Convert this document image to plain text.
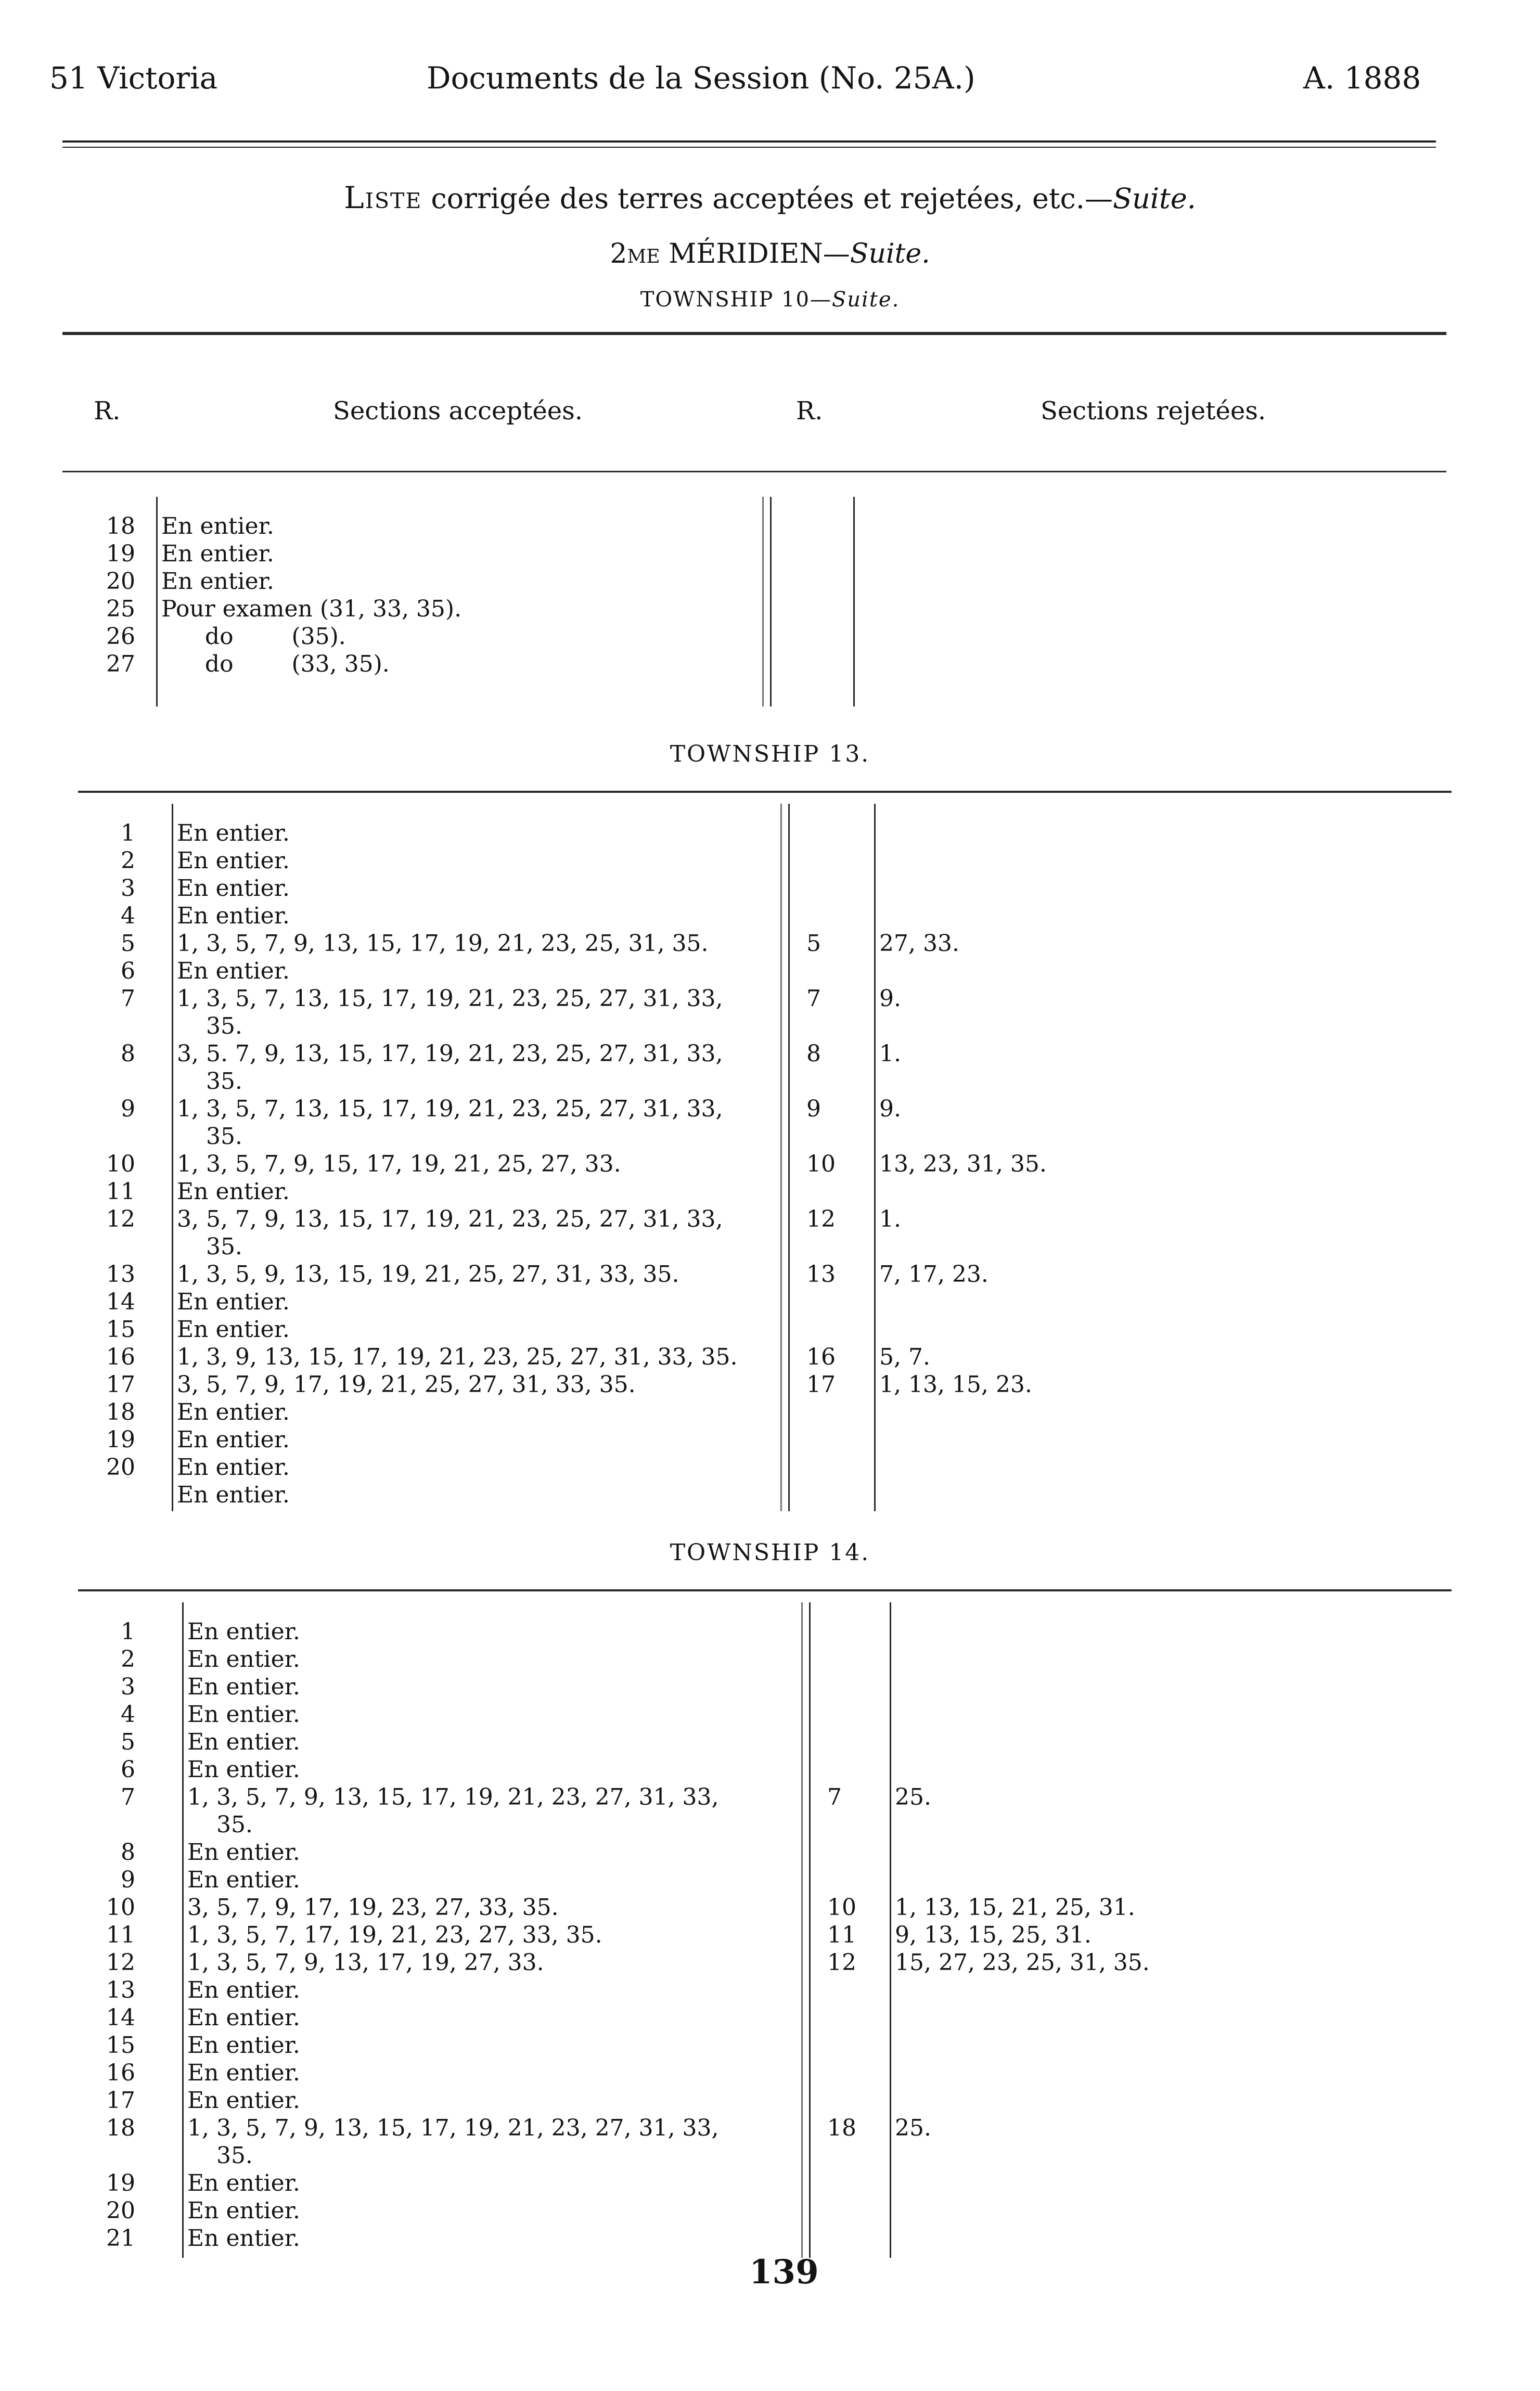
51 Victoria	Documents de la Session (No. 25A.)	A. 1888
Liste corrigée des terres acceptées et rejetées, etc.—Suite.
2me MÉRIDIEN—Suite.
TOWNSHIP 10—Suite.
R.	Sections acceptées.	R.	Sections rejetées.
18 En entier.
19 En entier.
20 En entier.
25 Pour examen (31, 33, 35).
26 do        (35).
27 do        (33, 35).
TOWNSHIP 13.
1 En entier.
2 En entier.
3 En entier.
4 En entier.
5 1, 3, 5, 7, 9, 13, 15, 17, 19, 21, 23, 25, 31, 35.	5	27, 33.
6 En entier.
7 1, 3, 5, 7, 13, 15, 17, 19, 21, 23, 25, 27, 31, 33,	7	9.
35.
8 3, 5. 7, 9, 13, 15, 17, 19, 21, 23, 25, 27, 31, 33,	8	1.
35.
9 1, 3, 5, 7, 13, 15, 17, 19, 21, 23, 25, 27, 31, 33,	9	9.
35.
10 1, 3, 5, 7, 9, 15, 17, 19, 21, 25, 27, 33.	10 13, 23, 31, 35.
11 En entier.
12 3, 5, 7, 9, 13, 15, 17, 19, 21, 23, 25, 27, 31, 33,	12 1.
35.
13 1, 3, 5, 9, 13, 15, 19, 21, 25, 27, 31, 33, 35.	13 7, 17, 23.
14 En entier.
15 En entier.
16 1, 3, 9, 13, 15, 17, 19, 21, 23, 25, 27, 31, 33, 35.	16 5, 7.
17 3, 5, 7, 9, 17, 19, 21, 25, 27, 31, 33, 35.	17 1, 13, 15, 23.
18 En entier.
19 En entier.
20 En entier.
En entier.
TOWNSHIP 14.
1 En entier.
2 En entier.
3 En entier.
4 En entier.
5 En entier.
6 En entier.
7 1, 3, 5, 7, 9, 13, 15, 17, 19, 21, 23, 27, 31, 33,	7 25.
35.
8 En entier.
9 En entier.
10 3, 5, 7, 9, 17, 19, 23, 27, 33, 35.	10 1, 13, 15, 21, 25, 31.
11 1, 3, 5, 7, 17, 19, 21, 23, 27, 33, 35.	11 9, 13, 15, 25, 31.
12 1, 3, 5, 7, 9, 13, 17, 19, 27, 33.	12 15, 27, 23, 25, 31, 35.
13 En entier.
14 En entier.
15 En entier.
16 En entier.
17 En entier.
18 1, 3, 5, 7, 9, 13, 15, 17, 19, 21, 23, 27, 31, 33,	18 25.
35.
19 En entier.
20 En entier.
21 En entier.
139
